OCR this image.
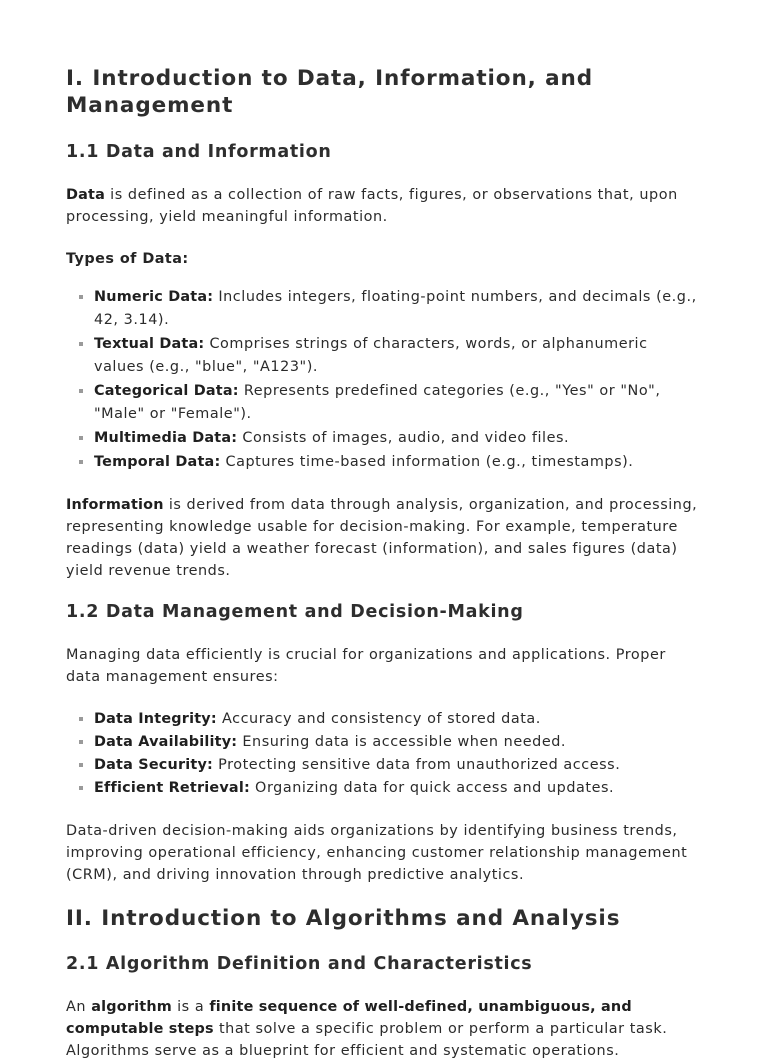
I. Introduction to Data, Information, and Management
1.1 Data and Information

Data is defined as a collection of raw facts, figures, or observations that, upon processing, yield meaningful information.

Types of Data:

Numeric Data: Includes integers, floating-point numbers, and decimals (e.g., 42, 3.14).
Textual Data: Comprises strings of characters, words, or alphanumeric values (e.g., "blue", "A123").
Categorical Data: Represents predefined categories (e.g., "Yes" or "No", "Male" or "Female").
Multimedia Data: Consists of images, audio, and video files.
Temporal Data: Captures time-based information (e.g., timestamps).

Information is derived from data through analysis, organization, and processing, representing knowledge usable for decision-making. For example, temperature readings (data) yield a weather forecast (information), and sales figures (data) yield revenue trends.

1.2 Data Management and Decision-Making

Managing data efficiently is crucial for organizations and applications. Proper data management ensures:

Data Integrity: Accuracy and consistency of stored data.
Data Availability: Ensuring data is accessible when needed.
Data Security: Protecting sensitive data from unauthorized access.
Efficient Retrieval: Organizing data for quick access and updates.

Data-driven decision-making aids organizations by identifying business trends, improving operational efficiency, enhancing customer relationship management (CRM), and driving innovation through predictive analytics.

II. Introduction to Algorithms and Analysis
2.1 Algorithm Definition and Characteristics

An algorithm is a finite sequence of well-defined, unambiguous, and computable steps that solve a specific problem or perform a particular task. Algorithms serve as a blueprint for efficient and systematic operations.
